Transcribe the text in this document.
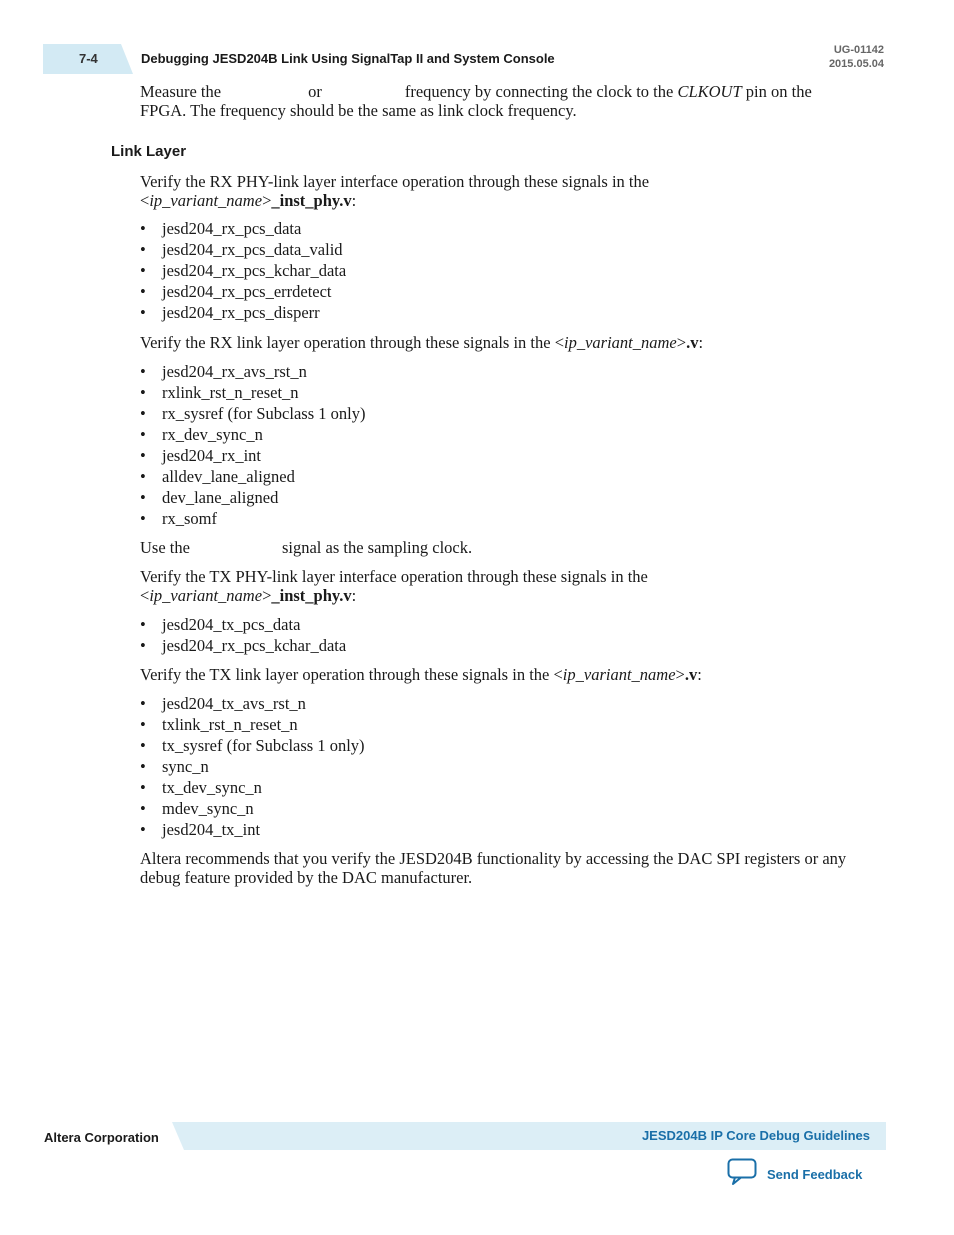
7-4	Debugging JESD204B Link Using SignalTap II and System Console
UG-01142
2015.05.04
Measure the	or	frequency by connecting the clock to the CLKOUT pin on the
FPGA. The frequency should be the same as link clock frequency.
Link Layer
Verify the RX PHY-link layer interface operation through these signals in the
<ip_variant_name>_inst_phy.v:
• jesd204_rx_pcs_data
• jesd204_rx_pcs_data_valid
• jesd204_rx_pcs_kchar_data
• jesd204_rx_pcs_errdetect
• jesd204_rx_pcs_disperr
Verify the RX link layer operation through these signals in the <ip_variant_name>.v:
• jesd204_rx_avs_rst_n
• rxlink_rst_n_reset_n
• rx_sysref (for Subclass 1 only)
• rx_dev_sync_n
• jesd204_rx_int
• alldev_lane_aligned
• dev_lane_aligned
• rx_somf
Use the	signal as the sampling clock.
Verify the TX PHY-link layer interface operation through these signals in the
<ip_variant_name>_inst_phy.v:
• jesd204_tx_pcs_data
• jesd204_rx_pcs_kchar_data
Verify the TX link layer operation through these signals in the <ip_variant_name>.v:
• jesd204_tx_avs_rst_n
• txlink_rst_n_reset_n
• tx_sysref (for Subclass 1 only)
• sync_n
• tx_dev_sync_n
• mdev_sync_n
• jesd204_tx_int
Altera recommends that you verify the JESD204B functionality by accessing the DAC SPI registers or any
debug feature provided by the DAC manufacturer.
Altera Corporation	JESD204B IP Core Debug Guidelines
Send Feedback
